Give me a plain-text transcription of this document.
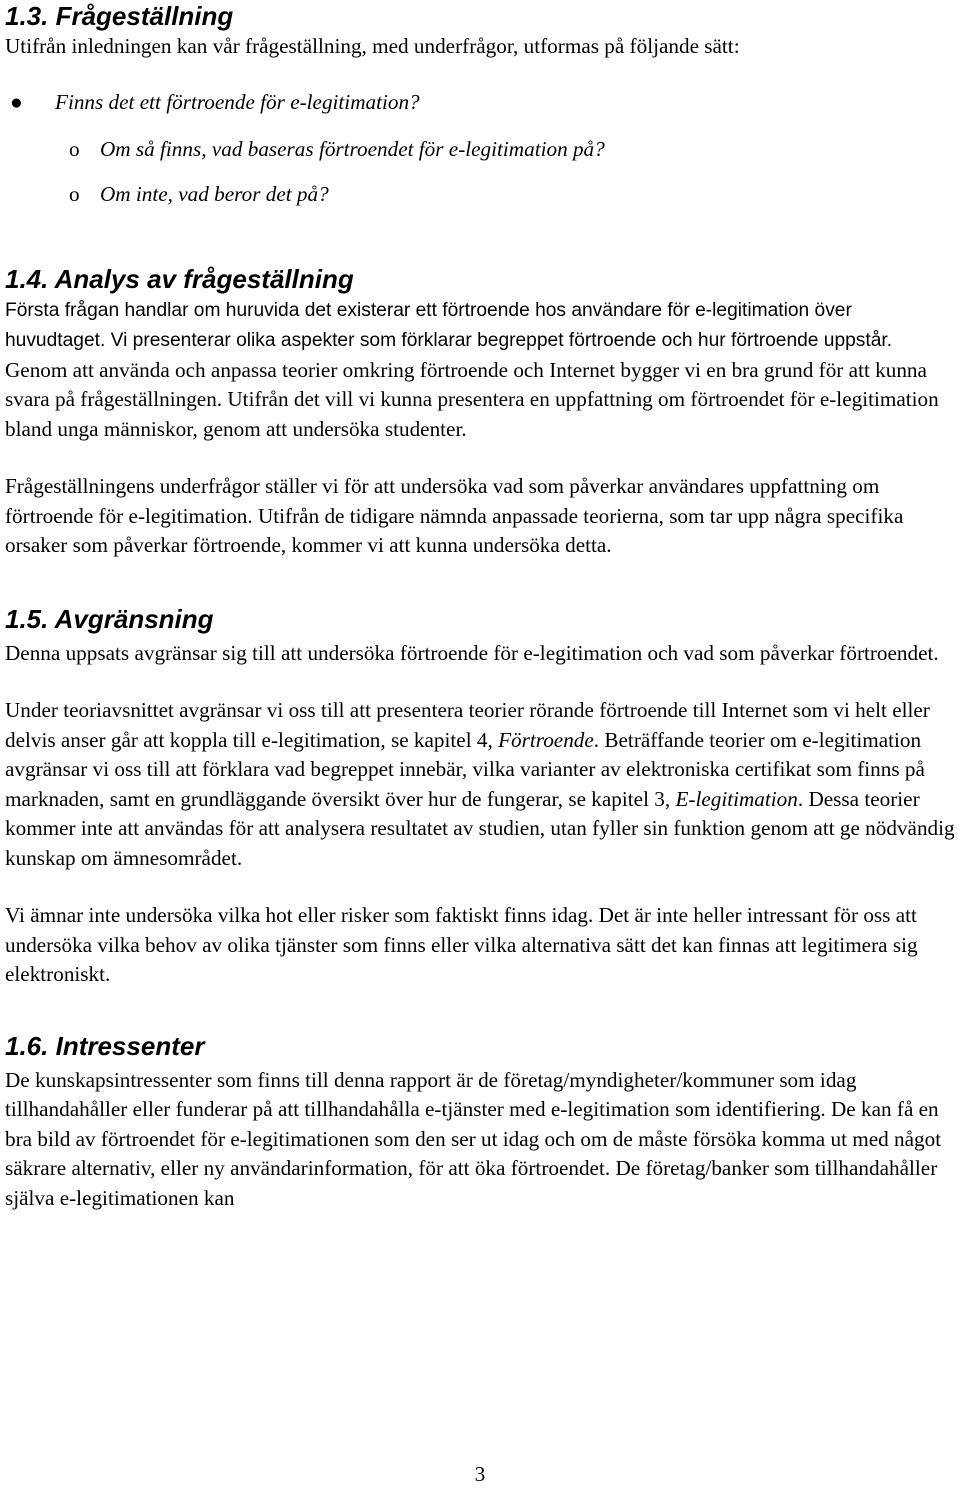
1.3. Frågeställning

Utifrån inledningen kan vår frågeställning, med underfrågor, utformas på följande sätt:

● Finns det ett förtroende för e-legitimation?
o Om så finns, vad baseras förtroendet för e-legitimation på?
o Om inte, vad beror det på?
1.4. Analys av frågeställning

Första frågan handlar om huruvida det existerar ett förtroende hos användare för e-legitimation över huvudtaget. Vi presenterar olika aspekter som förklarar begreppet förtroende och hur förtroende uppstår. Genom att använda och anpassa teorier omkring förtroende och Internet bygger vi en bra grund för att kunna svara på frågeställningen. Utifrån det vill vi kunna presentera en uppfattning om förtroendet för e-legitimation bland unga människor, genom att undersöka studenter.

Frågeställningens underfrågor ställer vi för att undersöka vad som påverkar användares uppfattning om förtroende för e-legitimation. Utifrån de tidigare nämnda anpassade teorierna, som tar upp några specifika orsaker som påverkar förtroende, kommer vi att kunna undersöka detta.

1.5. Avgränsning

Denna uppsats avgränsar sig till att undersöka förtroende för e-legitimation och vad som påverkar förtroendet.

Under teoriavsnittet avgränsar vi oss till att presentera teorier rörande förtroende till Internet som vi helt eller delvis anser går att koppla till e-legitimation, se kapitel 4, Förtroende. Beträffande teorier om e-legitimation avgränsar vi oss till att förklara vad begreppet innebär, vilka varianter av elektroniska certifikat som finns på marknaden, samt en grundläggande översikt över hur de fungerar, se kapitel 3, E-legitimation. Dessa teorier kommer inte att användas för att analysera resultatet av studien, utan fyller sin funktion genom att ge nödvändig kunskap om ämnesområdet.

Vi ämnar inte undersöka vilka hot eller risker som faktiskt finns idag. Det är inte heller intressant för oss att undersöka vilka behov av olika tjänster som finns eller vilka alternativa sätt det kan finnas att legitimera sig elektroniskt.

1.6. Intressenter

De kunskapsintressenter som finns till denna rapport är de företag/myndigheter/kommuner som idag tillhandahåller eller funderar på att tillhandahålla e-tjänster med e-legitimation som identifiering. De kan få en bra bild av förtroendet för e-legitimationen som den ser ut idag och om de måste försöka komma ut med något säkrare alternativ, eller ny användarinformation, för att öka förtroendet. De företag/banker som tillhandahåller själva e-legitimationen kan

3
